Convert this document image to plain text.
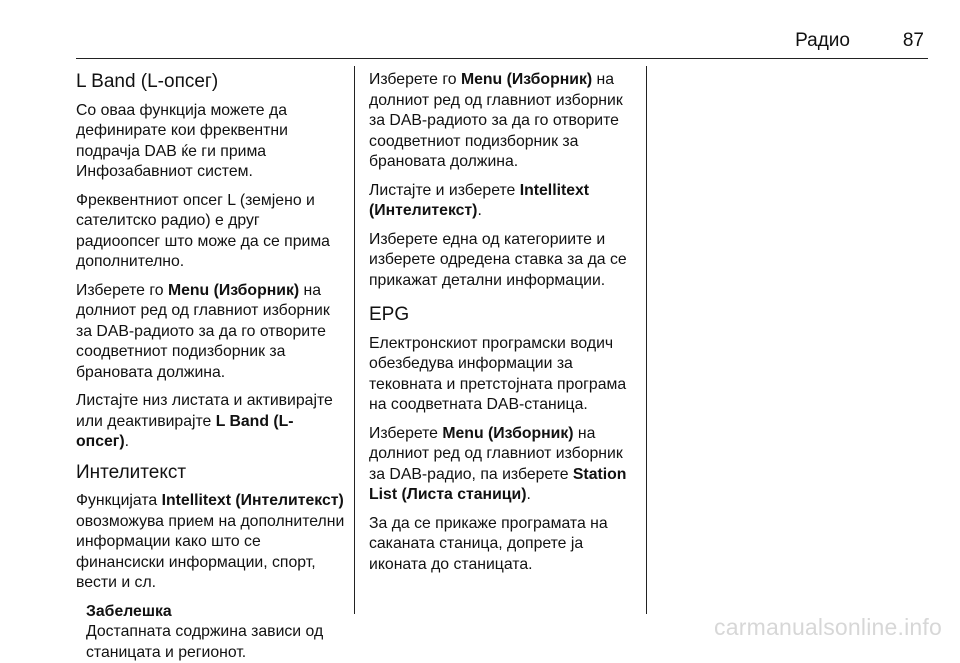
Радио	87
L Band (L-опсег)

Со оваа функција можете да дефинирате кои фреквентни подрачја DAB ќе ги прима Инфозабавниот систем.

Фреквентниот опсег L (земјено и сателитско радио) е друг радиоопсег што може да се прима дополнително.

Изберете го Menu (Изборник) на долниот ред од главниот изборник за DAB-радиото за да го отворите соодветниот подизборник за брановата должина.

Листајте низ листата и активирајте или деактивирајте L Band (L-опсег).

Интелитекст

Функцијата Intellitext (Интелитекст) овозможува прием на дополнителни информации како што се финансиски информации, спорт, вести и сл.

Забелешка
Достапната содржина зависи од станицата и регионот.

Изберете го Menu (Изборник) на долниот ред од главниот изборник за DAB-радиото за да го отворите соодветниот подизборник за брановата должина.

Листајте и изберете Intellitext (Интелитекст).

Изберете една од категориите и изберете одредена ставка за да се прикажат детални информации.

EPG

Електронскиот програмски водич обезбедува информации за тековната и претстојната програма на соодветната DAB-станица.

Изберете Menu (Изборник) на долниот ред од главниот изборник за DAB-радио, па изберете Station List (Листа станици).

За да се прикаже програмата на саканата станица, допрете ја иконата до станицата.

carmanualsonline.info
